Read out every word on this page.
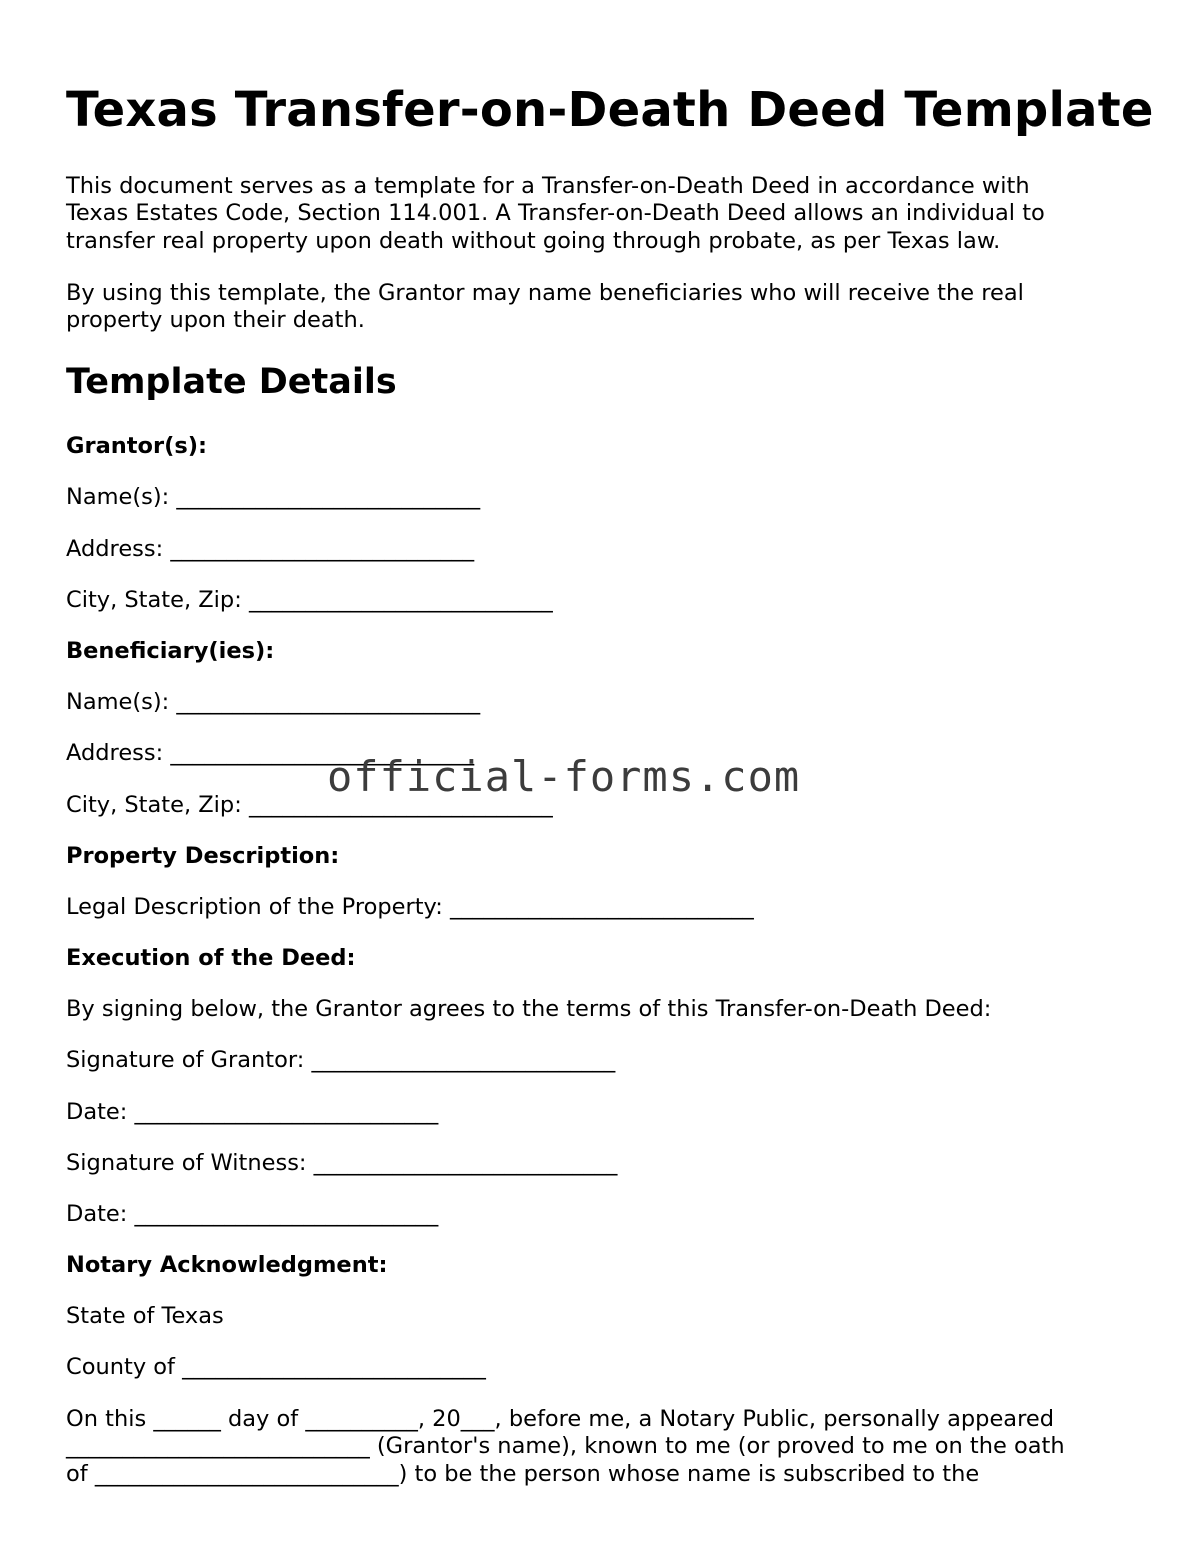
Texas Transfer-on-Death Deed Template
This document serves as a template for a Transfer-on-Death Deed in accordance with
Texas Estates Code, Section 114.001. A Transfer-on-Death Deed allows an individual to
transfer real property upon death without going through probate, as per Texas law.
By using this template, the Grantor may name beneficiaries who will receive the real
property upon their death.
Template Details
Grantor(s):
Name(s): ___________________________
Address: ___________________________
City, State, Zip: ___________________________
Beneficiary(ies):
Name(s): ___________________________
Address: ___________________________
City, State, Zip: ___________________________
Property Description:
Legal Description of the Property: ___________________________
Execution of the Deed:
By signing below, the Grantor agrees to the terms of this Transfer-on-Death Deed:
Signature of Grantor: ___________________________
Date: ___________________________
Signature of Witness: ___________________________
Date: ___________________________
Notary Acknowledgment:
State of Texas
County of ___________________________
On this ______ day of __________, 20___, before me, a Notary Public, personally appeared
___________________________ (Grantor's name), known to me (or proved to me on the oath
of ___________________________) to be the person whose name is subscribed to the
official-forms.com
